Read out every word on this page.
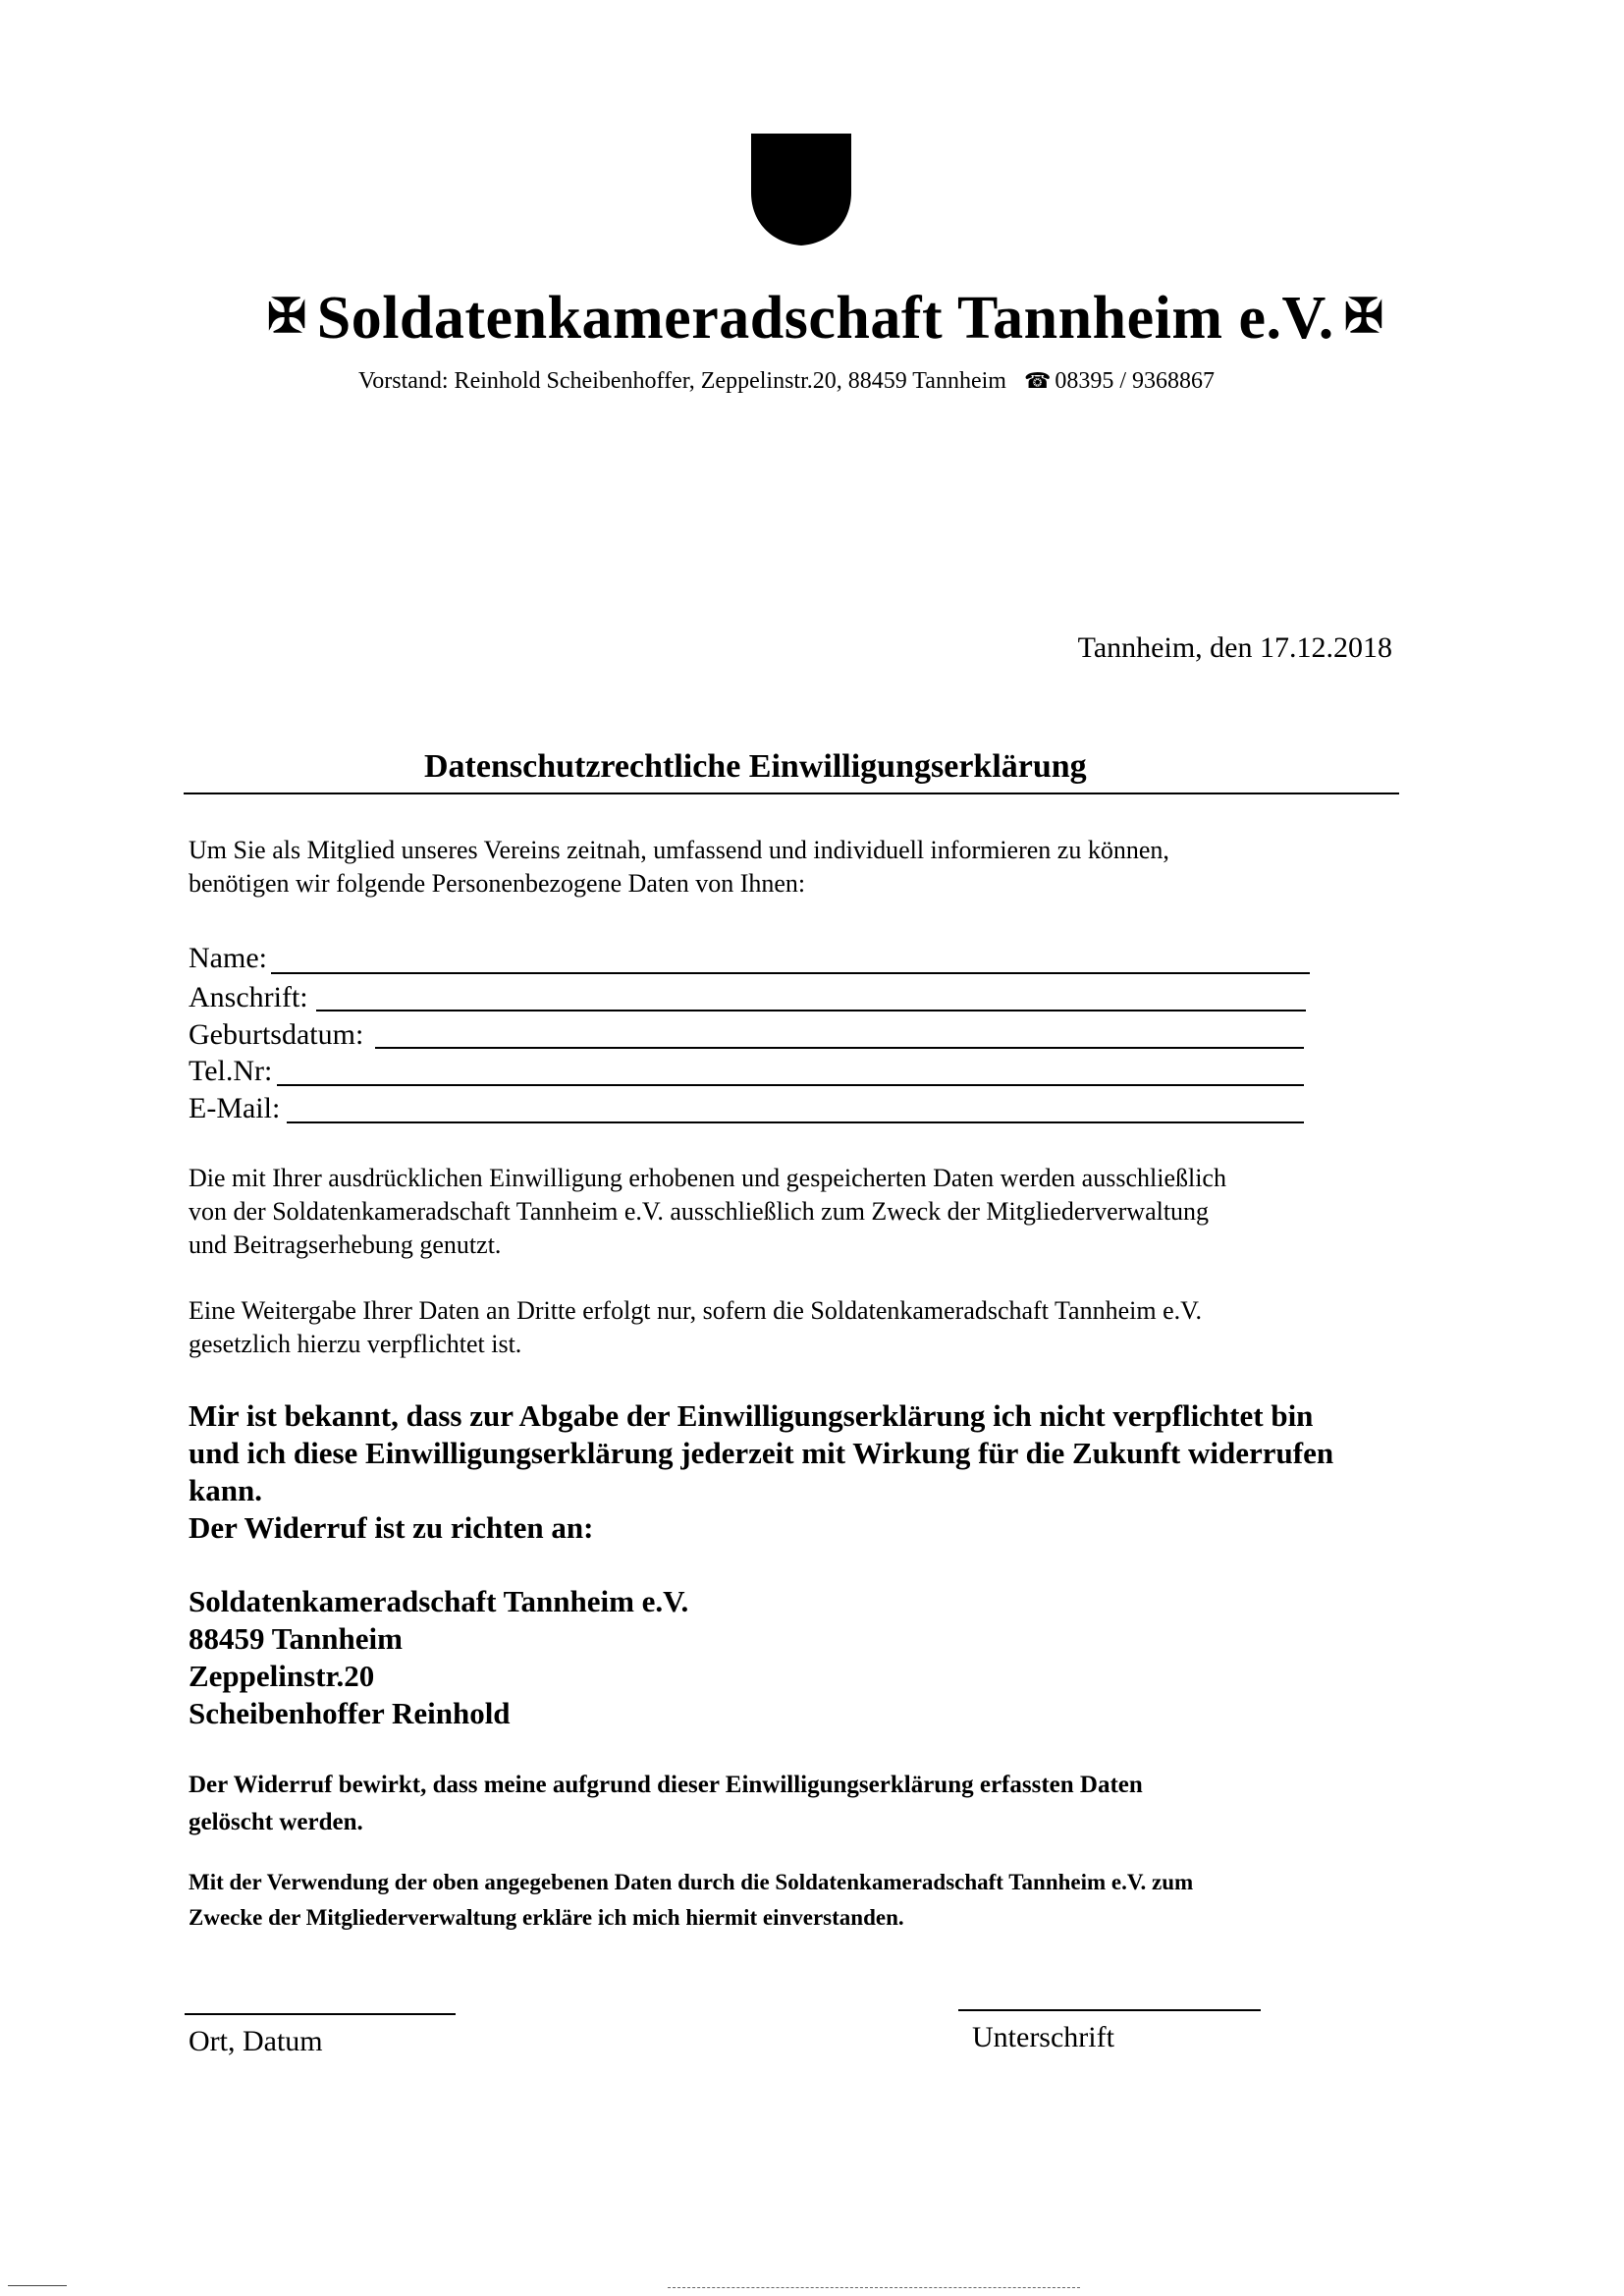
✠ Soldatenkameradschaft Tannheim e.V. ✠
Vorstand: Reinhold Scheibenhoffer, Zeppelinstr.20, 88459 Tannheim ☎ 08395 / 9368867
Tannheim, den 17.12.2018
Datenschutzrechtliche Einwilligungserklärung
Um Sie als Mitglied unseres Vereins zeitnah, umfassend und individuell informieren zu können,
benötigen wir folgende Personenbezogene Daten von Ihnen:
Name:
Anschrift:
Geburtsdatum:
Tel.Nr:
E-Mail:
Die mit Ihrer ausdrücklichen Einwilligung erhobenen und gespeicherten Daten werden ausschließlich
von der Soldatenkameradschaft Tannheim e.V. ausschließlich zum Zweck der Mitgliederverwaltung
und Beitragserhebung genutzt.
Eine Weitergabe Ihrer Daten an Dritte erfolgt nur, sofern die Soldatenkameradschaft Tannheim e.V.
gesetzlich hierzu verpflichtet ist.
Mir ist bekannt, dass zur Abgabe der Einwilligungserklärung ich nicht verpflichtet bin
und ich diese Einwilligungserklärung jederzeit mit Wirkung für die Zukunft widerrufen
kann.
Der Widerruf ist zu richten an:
Soldatenkameradschaft Tannheim e.V.
88459 Tannheim
Zeppelinstr.20
Scheibenhoffer Reinhold
Der Widerruf bewirkt, dass meine aufgrund dieser Einwilligungserklärung erfassten Daten
gelöscht werden.
Mit der Verwendung der oben angegebenen Daten durch die Soldatenkameradschaft Tannheim e.V. zum
Zwecke der Mitgliederverwaltung erkläre ich mich hiermit einverstanden.
Ort, Datum	Unterschrift
